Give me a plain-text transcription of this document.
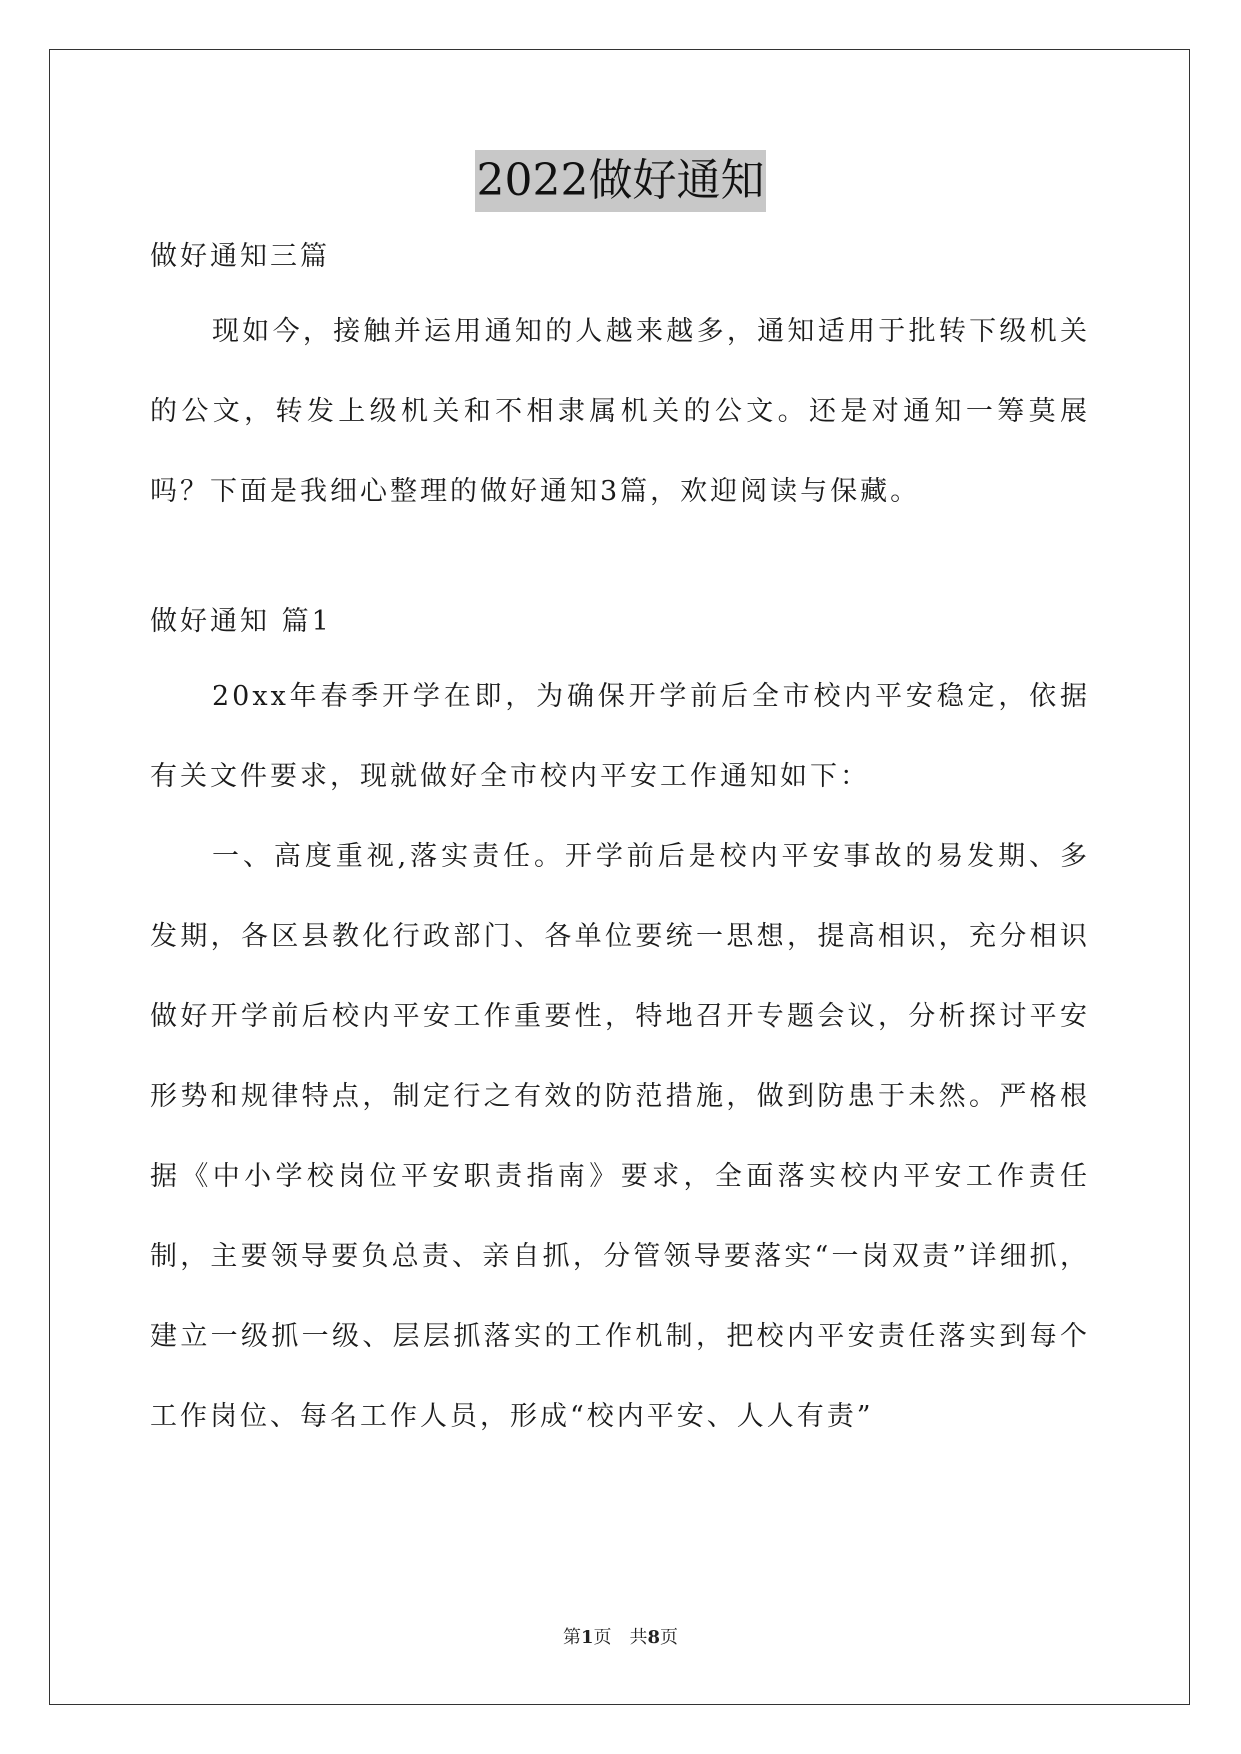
2022做好通知
做好通知三篇

现如今，接触并运用通知的人越来越多，通知适用于批转下级机关的公文，转发上级机关和不相隶属机关的公文。还是对通知一筹莫展吗？下面是我细心整理的做好通知3篇，欢迎阅读与保藏。

做好通知 篇1

20xx年春季开学在即，为确保开学前后全市校内平安稳定，依据有关文件要求，现就做好全市校内平安工作通知如下：

一、高度重视,落实责任。开学前后是校内平安事故的易发期、多发期，各区县教化行政部门、各单位要统一思想，提高相识，充分相识做好开学前后校内平安工作重要性，特地召开专题会议，分析探讨平安形势和规律特点，制定行之有效的防范措施，做到防患于未然。严格根据《中小学校岗位平安职责指南》要求，全面落实校内平安工作责任制，主要领导要负总责、亲自抓，分管领导要落实“一岗双责”详细抓，建立一级抓一级、层层抓落实的工作机制，把校内平安责任落实到每个工作岗位、每名工作人员，形成“校内平安、人人有责”

第1页　共8页
